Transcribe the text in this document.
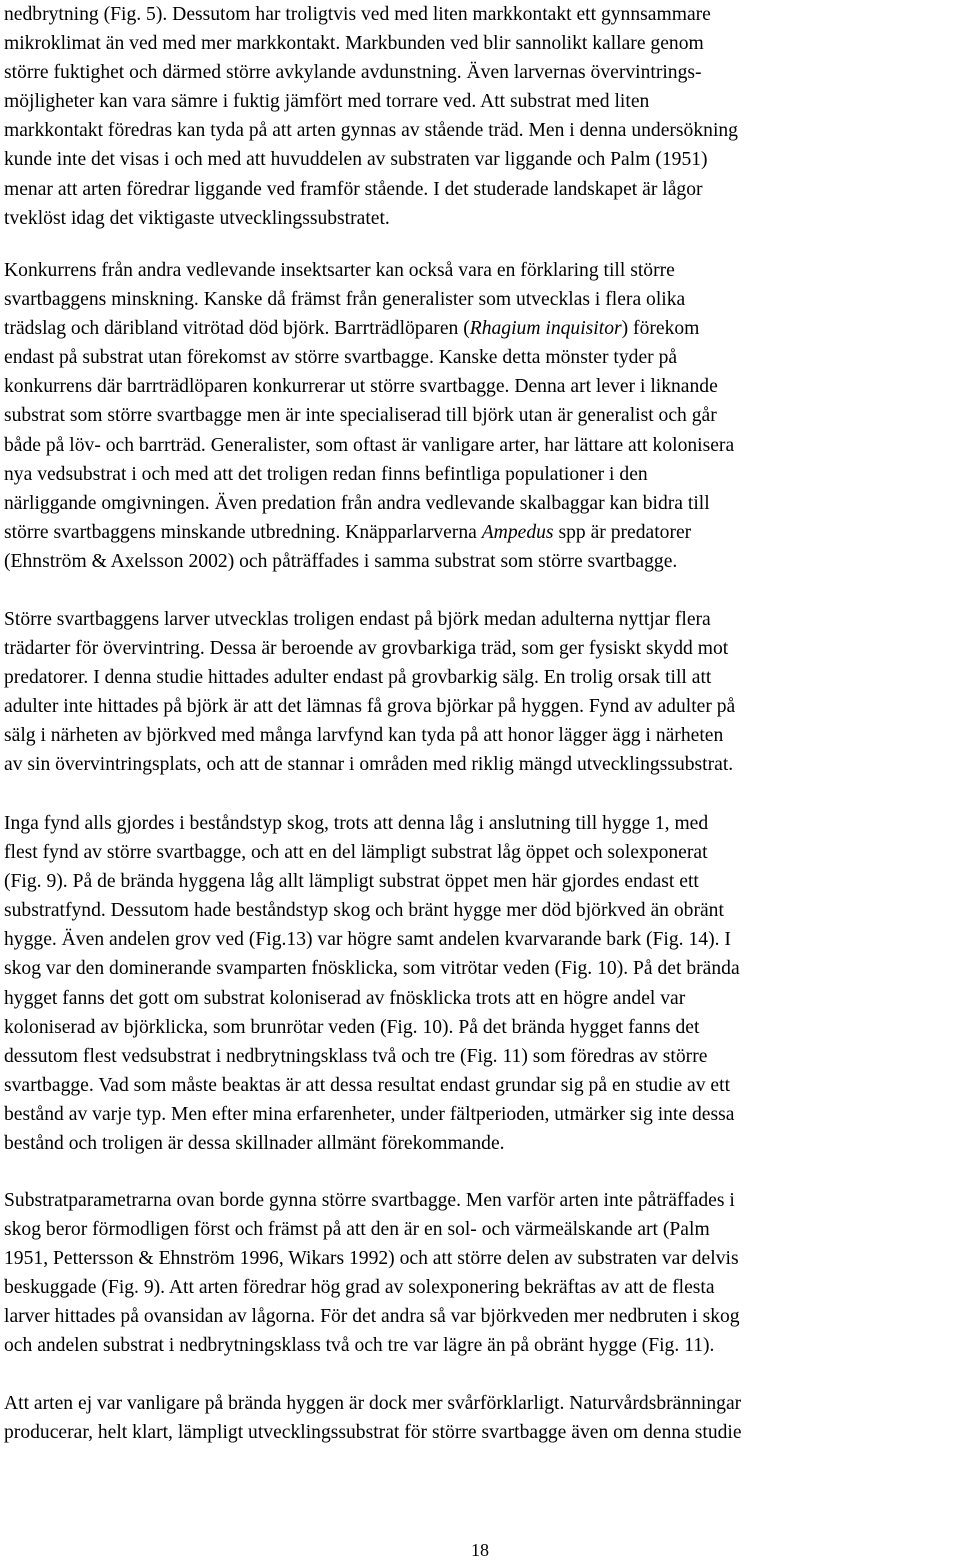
nedbrytning (Fig. 5). Dessutom har troligtvis ved med liten markkontakt ett gynnsammare
mikroklimat än ved med mer markkontakt. Markbunden ved blir sannolikt kallare genom
större fuktighet och därmed större avkylande avdunstning. Även larvernas övervintrings-
möjligheter kan vara sämre i fuktig jämfört med torrare ved. Att substrat med liten
markkontakt föredras kan tyda på att arten gynnas av stående träd. Men i denna undersökning
kunde inte det visas i och med att huvuddelen av substraten var liggande och Palm (1951)
menar att arten föredrar liggande ved framför stående. I det studerade landskapet är lågor
tveklöst idag det viktigaste utvecklingssubstratet.
Konkurrens från andra vedlevande insektsarter kan också vara en förklaring till större
svartbaggens minskning. Kanske då främst från generalister som utvecklas i flera olika
trädslag och däribland vitrötad död björk. Barrträdlöparen (Rhagium inquisitor) förekom
endast på substrat utan förekomst av större svartbagge. Kanske detta mönster tyder på
konkurrens där barrträdlöparen konkurrerar ut större svartbagge. Denna art lever i liknande
substrat som större svartbagge men är inte specialiserad till björk utan är generalist och går
både på löv- och barrträd. Generalister, som oftast är vanligare arter, har lättare att kolonisera
nya vedsubstrat i och med att det troligen redan finns befintliga populationer i den
närliggande omgivningen. Även predation från andra vedlevande skalbaggar kan bidra till
större svartbaggens minskande utbredning. Knäpparlarverna Ampedus spp är predatorer
(Ehnström & Axelsson 2002) och påträffades i samma substrat som större svartbagge.
Större svartbaggens larver utvecklas troligen endast på björk medan adulterna nyttjar flera
trädarter för övervintring. Dessa är beroende av grovbarkiga träd, som ger fysiskt skydd mot
predatorer. I denna studie hittades adulter endast på grovbarkig sälg. En trolig orsak till att
adulter inte hittades på björk är att det lämnas få grova björkar på hyggen. Fynd av adulter på
sälg i närheten av björkved med många larvfynd kan tyda på att honor lägger ägg i närheten
av sin övervintringsplats, och att de stannar i områden med riklig mängd utvecklingssubstrat.
Inga fynd alls gjordes i beståndstyp skog, trots att denna låg i anslutning till hygge 1, med
flest fynd av större svartbagge, och att en del lämpligt substrat låg öppet och solexponerat
(Fig. 9). På de brända hyggena låg allt lämpligt substrat öppet men här gjordes endast ett
substratfynd. Dessutom hade beståndstyp skog och bränt hygge mer död björkved än obränt
hygge. Även andelen grov ved (Fig.13) var högre samt andelen kvarvarande bark (Fig. 14). I
skog var den dominerande svamparten fnösklicka, som vitrötar veden (Fig. 10). På det brända
hygget fanns det gott om substrat koloniserad av fnösklicka trots att en högre andel var
koloniserad av björklicka, som brunrötar veden (Fig. 10). På det brända hygget fanns det
dessutom flest vedsubstrat i nedbrytningsklass två och tre (Fig. 11) som föredras av större
svartbagge. Vad som måste beaktas är att dessa resultat endast grundar sig på en studie av ett
bestånd av varje typ. Men efter mina erfarenheter, under fältperioden, utmärker sig inte dessa
bestånd och troligen är dessa skillnader allmänt förekommande.
Substratparametrarna ovan borde gynna större svartbagge. Men varför arten inte påträffades i
skog beror förmodligen först och främst på att den är en sol- och värmeälskande art (Palm
1951, Pettersson & Ehnström 1996, Wikars 1992) och att större delen av substraten var delvis
beskuggade (Fig. 9). Att arten föredrar hög grad av solexponering bekräftas av att de flesta
larver hittades på ovansidan av lågorna. För det andra så var björkveden mer nedbruten i skog
och andelen substrat i nedbrytningsklass två och tre var lägre än på obränt hygge (Fig. 11).
Att arten ej var vanligare på brända hyggen är dock mer svårförklarligt. Naturvårdsbränningar
producerar, helt klart, lämpligt utvecklingssubstrat för större svartbagge även om denna studie
18
